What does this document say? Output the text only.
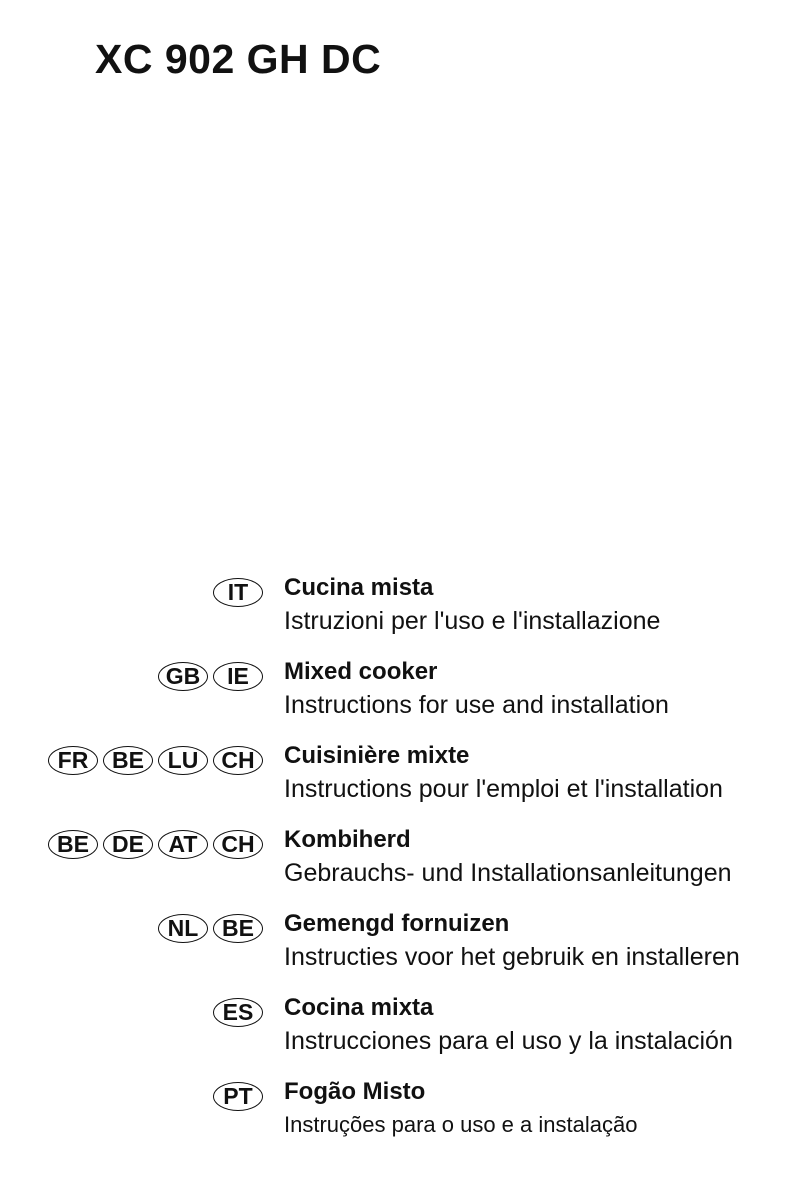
XC 902 GH DC
IT	Cucina mista
Istruzioni per l'uso e l'installazione
GB	IE	Mixed cooker
Instructions for use and installation
FR	BE	LU	CH	Cuisinière mixte
Instructions pour l'emploi et l'installation
BE	DE	AT	CH	Kombiherd
Gebrauchs- und Installationsanleitungen
NL	BE	Gemengd fornuizen
Instructies voor het gebruik en installeren
ES	Cocina mixta
Instrucciones para el uso y la instalación
PT	Fogão Misto
Instruções para o uso e a instalação
